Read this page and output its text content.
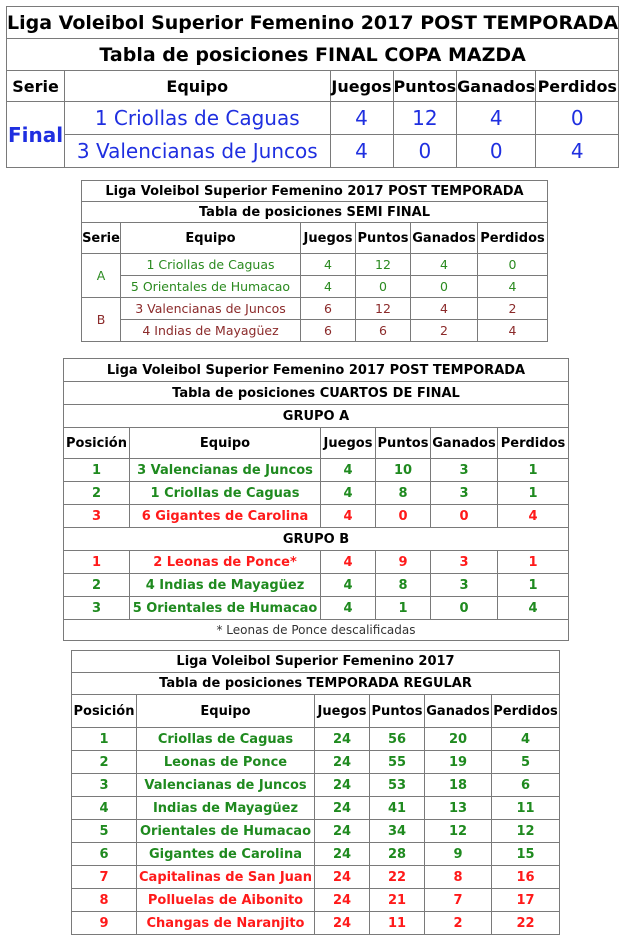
Liga Voleibol Superior Femenino 2017 POST TEMPORADA					
Tabla de posiciones FINAL COPA MAZDA					
Serie	Equipo	Juegos	Puntos	Ganados	Perdidos
Final	1 Criollas de Caguas	4	12	4	0
	3 Valencianas de Juncos	4	0	0	4
Liga Voleibol Superior Femenino 2017 POST TEMPORADA					
Tabla de posiciones SEMI FINAL					
Serie	Equipo	Juegos	Puntos	Ganados	Perdidos
A	1 Criollas de Caguas	4	12	4	0
	5 Orientales de Humacao	4	0	0	4
B	3 Valencianas de Juncos	6	12	4	2
	4 Indias de Mayagüez	6	6	2	4
Liga Voleibol Superior Femenino 2017 POST TEMPORADA					
Tabla de posiciones CUARTOS DE FINAL					
GRUPO A					
Posición	Equipo	Juegos	Puntos	Ganados	Perdidos
1	3 Valencianas de Juncos	4	10	3	1
2	1 Criollas de Caguas	4	8	3	1
3	6 Gigantes de Carolina	4	0	0	4
GRUPO B					
1	2 Leonas de Ponce*	4	9	3	1
2	4 Indias de Mayagüez	4	8	3	1
3	5 Orientales de Humacao	4	1	0	4
* Leonas de Ponce descalificadas					
Liga Voleibol Superior Femenino 2017					
Tabla de posiciones TEMPORADA REGULAR					
Posición	Equipo	Juegos	Puntos	Ganados	Perdidos
1	Criollas de Caguas	24	56	20	4
2	Leonas de Ponce	24	55	19	5
3	Valencianas de Juncos	24	53	18	6
4	Indias de Mayagüez	24	41	13	11
5	Orientales de Humacao	24	34	12	12
6	Gigantes de Carolina	24	28	9	15
7	Capitalinas de San Juan	24	22	8	16
8	Polluelas de Aibonito	24	21	7	17
9	Changas de Naranjito	24	11	2	22
